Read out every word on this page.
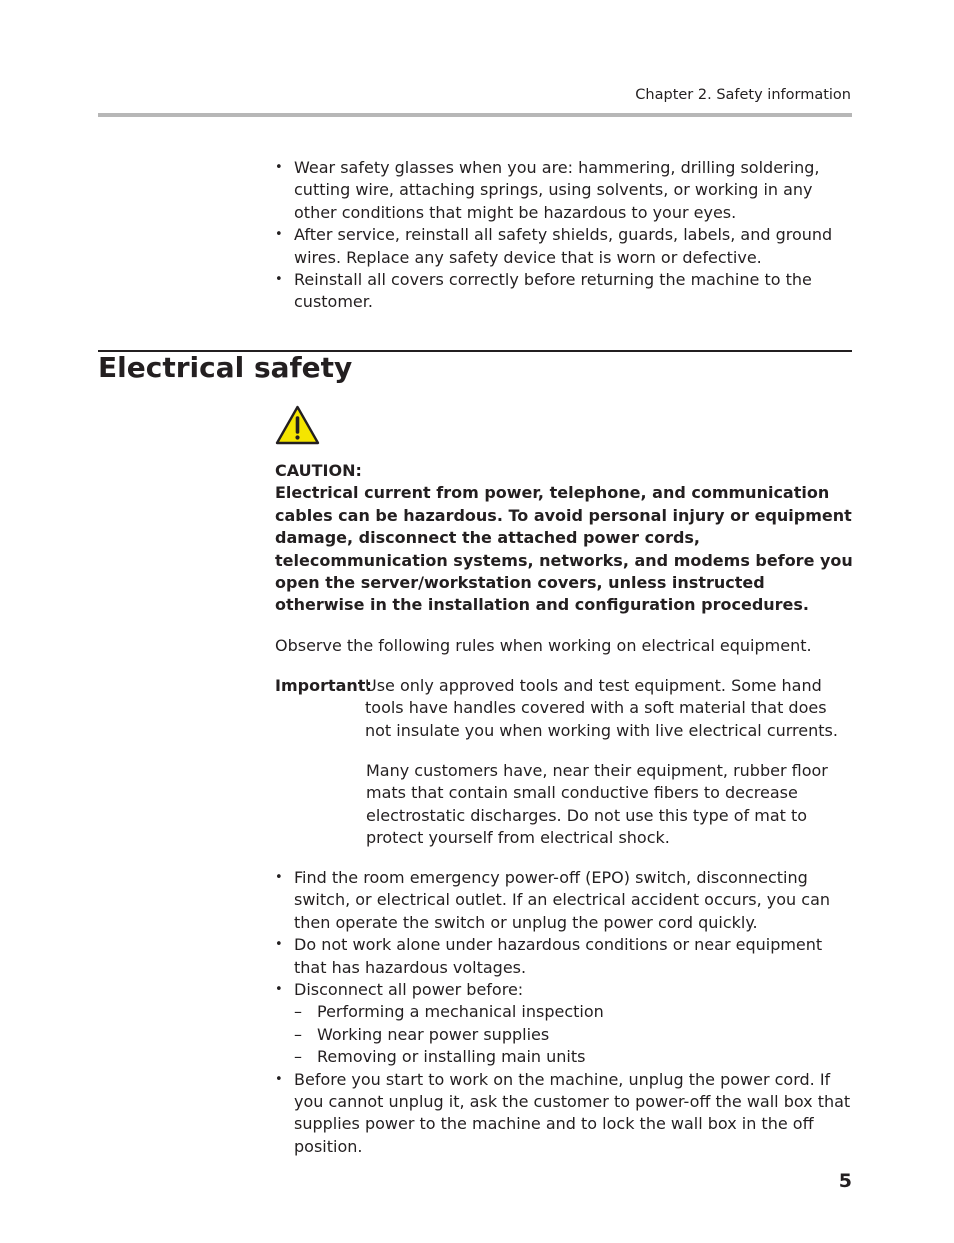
Chapter 2. Safety information
• Wear safety glasses when you are: hammering, drilling soldering, cutting wire, attaching springs, using solvents, or working in any other conditions that might be hazardous to your eyes.
• After service, reinstall all safety shields, guards, labels, and ground wires. Replace any safety device that is worn or defective.
• Reinstall all covers correctly before returning the machine to the customer.
Electrical safety

CAUTION:

Electrical current from power, telephone, and communication cables can be hazardous. To avoid personal injury or equipment damage, disconnect the attached power cords, telecommunication systems, networks, and modems before you open the server/workstation covers, unless instructed otherwise in the installation and configuration procedures.

Observe the following rules when working on electrical equipment.

Important:

Use only approved tools and test equipment. Some hand tools have handles covered with a soft material that does not insulate you when working with live electrical currents.

Many customers have, near their equipment, rubber floor mats that contain small conductive fibers to decrease electrostatic discharges. Do not use this type of mat to protect yourself from electrical shock.

• Find the room emergency power-off (EPO) switch, disconnecting switch, or electrical outlet. If an electrical accident occurs, you can then operate the switch or unplug the power cord quickly.
• Do not work alone under hazardous conditions or near equipment that has hazardous voltages.
• Disconnect all power before:
– Performing a mechanical inspection
– Working near power supplies
– Removing or installing main units
• Before you start to work on the machine, unplug the power cord. If you cannot unplug it, ask the customer to power-off the wall box that supplies power to the machine and to lock the wall box in the off position.
5
